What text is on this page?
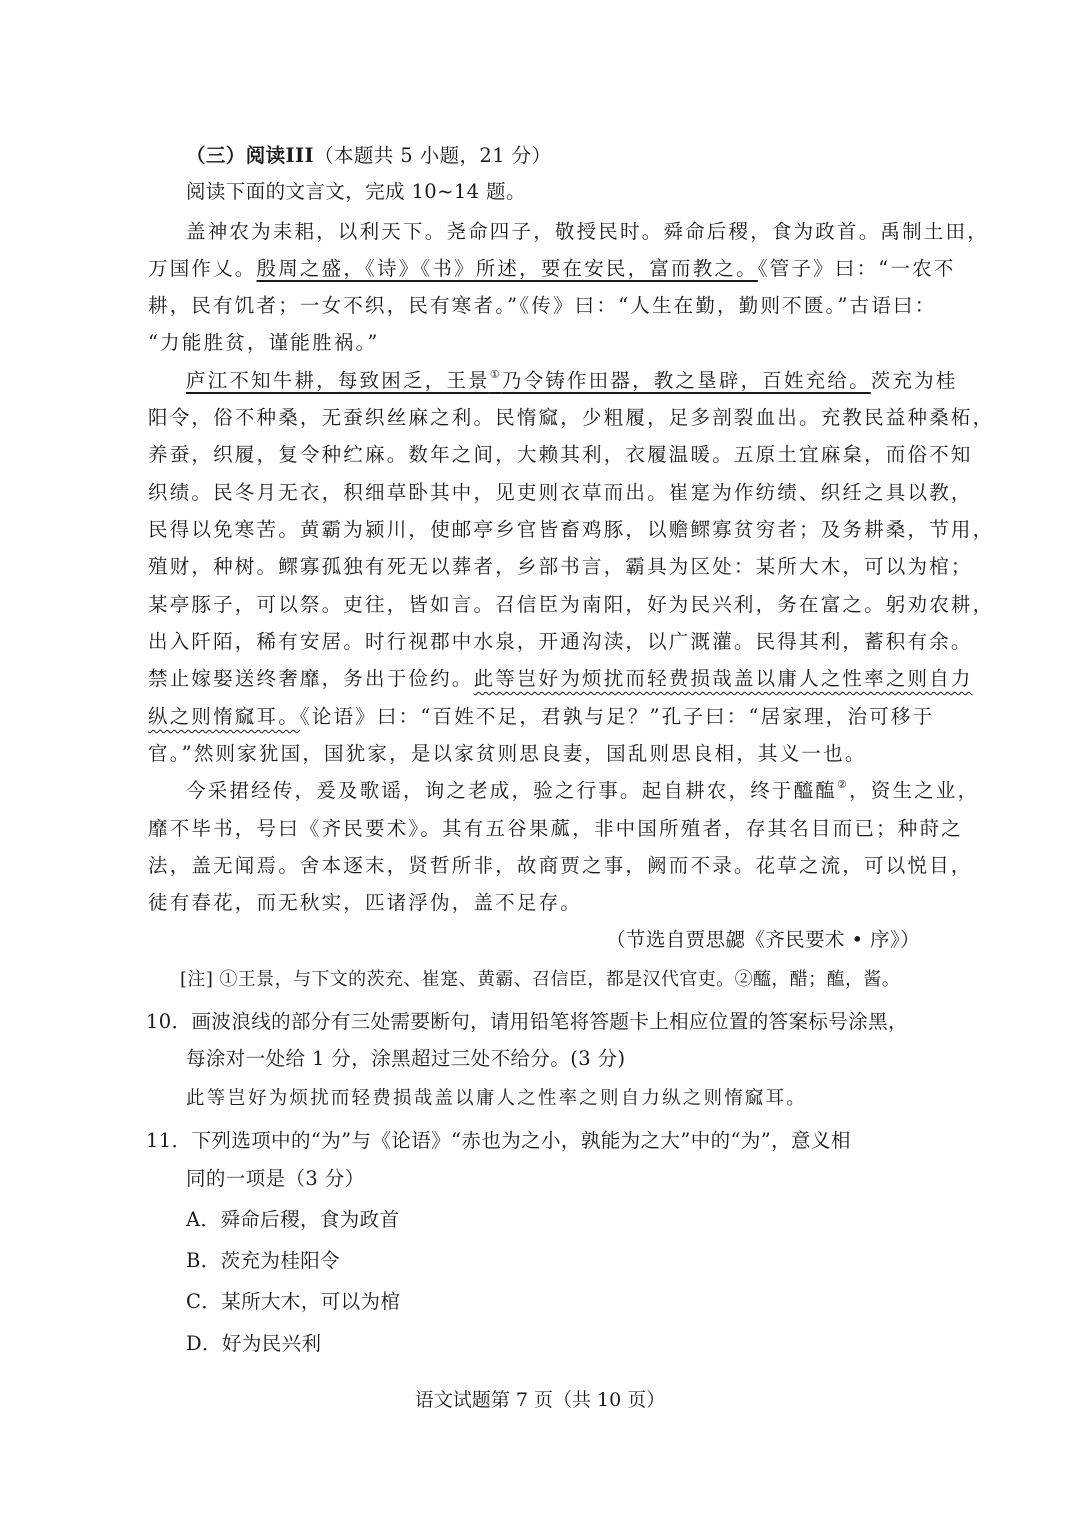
（三）阅读III（本题共 5 小题，21 分）
阅读下面的文言文，完成 10~14 题。
盖神农为耒耜，以利天下。尧命四子，敬授民时。舜命后稷，食为政首。禹制土田，
万国作乂。殷周之盛，《诗》《书》所述，要在安民，富而教之。《管子》曰：“一农不
耕，民有饥者；一女不织，民有寒者。”《传》曰：“人生在勤，勤则不匮。”古语曰：
“力能胜贫，谨能胜祸。”
庐江不知牛耕，每致困乏，王景①乃令铸作田器，教之垦辟，百姓充给。茨充为桂
阳令，俗不种桑，无蚕织丝麻之利。民惰窳，少粗履，足多剖裂血出。充教民益种桑柘，
养蚕，织履，复令种纻麻。数年之间，大赖其利，衣履温暖。五原土宜麻枲，而俗不知
织绩。民冬月无衣，积细草卧其中，见吏则衣草而出。崔寔为作纺绩、织纴之具以教，
民得以免寒苦。黄霸为颍川，使邮亭乡官皆畜鸡豚，以赡鳏寡贫穷者；及务耕桑，节用，
殖财，种树。鳏寡孤独有死无以葬者，乡部书言，霸具为区处：某所大木，可以为棺；
某亭豚子，可以祭。吏往，皆如言。召信臣为南阳，好为民兴利，务在富之。躬劝农耕，
出入阡陌，稀有安居。时行视郡中水泉，开通沟渎，以广溉灌。民得其利，蓄积有余。
禁止嫁娶送终奢靡，务出于俭约。此等岂好为烦扰而轻费损哉盖以庸人之性率之则自力
纵之则惰窳耳。《论语》曰：“百姓不足，君孰与足？”孔子曰：“居家理，治可移于
官。”然则家犹国，国犹家，是以家贫则思良妻，国乱则思良相，其义一也。
今采捃经传，爰及歌谣，询之老成，验之行事。起自耕农，终于醯醢②，资生之业，
靡不毕书，号曰《齐民要术》。其有五谷果蓏，非中国所殖者，存其名目而已；种莳之
法，盖无闻焉。舍本逐末，贤哲所非，故商贾之事，阙而不录。花草之流，可以悦目，
徒有春花，而无秋实，匹诸浮伪，盖不足存。
（节选自贾思勰《齐民要术 • 序》）
[注] ①王景，与下文的茨充、崔寔、黄霸、召信臣，都是汉代官吏。②醯，醋；醢，酱。
10．画波浪线的部分有三处需要断句，请用铅笔将答题卡上相应位置的答案标号涂黑，
每涂对一处给 1 分，涂黑超过三处不给分。(3 分)
此等岂好为烦扰而轻费损哉盖以庸人之性率之则自力纵之则惰窳耳。
11．下列选项中的“为”与《论语》“赤也为之小，孰能为之大”中的“为”，意义相
同的一项是（3 分）
A．舜命后稷，食为政首
B．茨充为桂阳令
C．某所大木，可以为棺
D．好为民兴利
语文试题第 7 页（共 10 页）
